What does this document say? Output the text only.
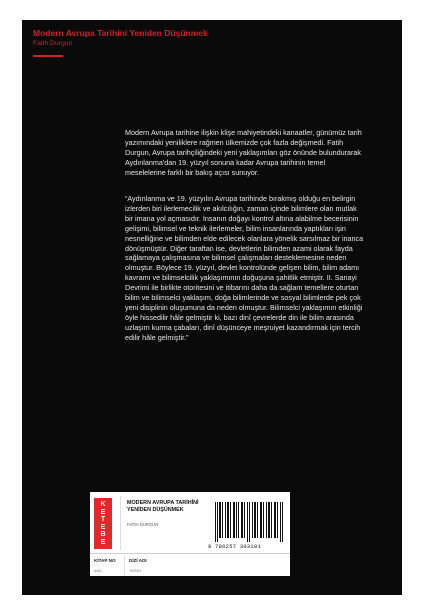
Modern Avrupa Tarihini Yeniden Düşünmek
Fatih Durgun

Modern Avrupa tarihine ilişkin klişe mahiyetindeki kanaatler, günümüz tarih yazımındaki yeniliklere rağmen ülkemizde çok fazla değişmedi. Fatih Durgun, Avrupa tarihçiliğindeki yeni yaklaşımları göz önünde bulundurarak Aydınlanma'dan 19. yüzyıl sonuna kadar Avrupa tarihinin temel meselelerine farklı bir bakış açısı sunuyor.

“Aydınlanma ve 19. yüzyılın Avrupa tarihinde bırakmış olduğu en belirgin izlerden biri ilerlemecilik ve akılcılığın, zaman içinde bilimlere olan mutlak bir imana yol açmasıdır. İnsanın doğayı kontrol altına alabilme becerisinin gelişimi, bilimsel ve teknik ilerlemeler, bilim insanlarında yaptıkları işin nesnelliğine ve bilimden elde edilecek olanlara yönelik sarsılmaz bir inanca dönüşmüştür. Diğer taraftan ise, devletlerin bilimden azami olarak fayda sağlamaya çalışmasına ve bilimsel çalışmaları desteklemesine neden olmuştur. Böylece 19. yüzyıl, devlet kontrolünde gelişen bilim, bilim adamı kavramı ve bilimselcilik yaklaşımının doğuşuna şahitlik etmiştir. II. Sanayi Devrimi ile birlikte otoritesini ve itibarını daha da sağlam temellere oturtan bilim ve bilimselci yaklaşım, doğa bilimlerinde ve sosyal bilimlerde pek çok yeni disiplinin oluşumuna da neden olmuştur. Bilimselci yaklaşımın etkinliği öyle hissedilir hâle gelmiştir ki, bazı dinî çevrelerde din ile bilim arasında uzlaşım kurma çabaları, dinî düşünceye meşruiyet kazandırmak için tercih edilir hâle gelmiştir.”

K
E
T
E
B
E
MODERN AVRUPA TARİHİNİ YENİDEN DÜŞÜNMEK
FATİH DURGUN
9 786257 303101
KİTAP NO
406
DİZİ ADI
TARİH
